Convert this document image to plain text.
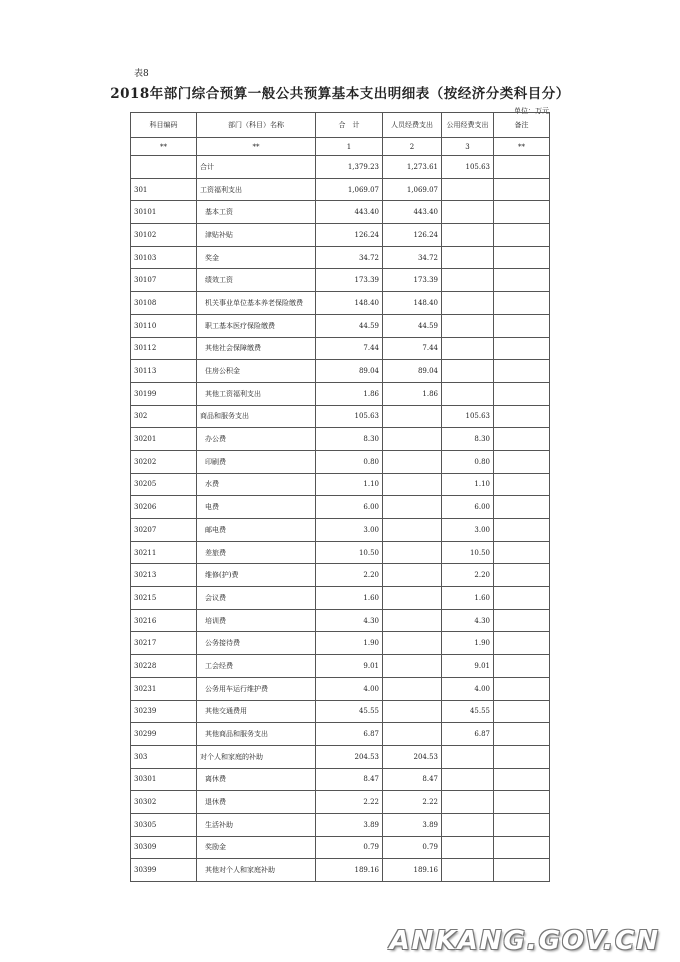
表8
2018年部门综合预算一般公共预算基本支出明细表（按经济分类科目分）
单位：万元
科目编码	部门（科目）名称	合　计	人员经费支出	公用经费支出	备注
**	**	1	2	3	**
	合计	1,379.23	1,273.61	105.63	
301	工资福利支出	1,069.07	1,069.07		
30101	基本工资	443.40	443.40		
30102	津贴补贴	126.24	126.24		
30103	奖金	34.72	34.72		
30107	绩效工资	173.39	173.39		
30108	机关事业单位基本养老保险缴费	148.40	148.40		
30110	职工基本医疗保险缴费	44.59	44.59		
30112	其他社会保障缴费	7.44	7.44		
30113	住房公积金	89.04	89.04		
30199	其他工资福利支出	1.86	1.86		
302	商品和服务支出	105.63		105.63	
30201	办公费	8.30		8.30	
30202	印刷费	0.80		0.80	
30205	水费	1.10		1.10	
30206	电费	6.00		6.00	
30207	邮电费	3.00		3.00	
30211	差旅费	10.50		10.50	
30213	维修(护)费	2.20		2.20	
30215	会议费	1.60		1.60	
30216	培训费	4.30		4.30	
30217	公务接待费	1.90		1.90	
30228	工会经费	9.01		9.01	
30231	公务用车运行维护费	4.00		4.00	
30239	其他交通费用	45.55		45.55	
30299	其他商品和服务支出	6.87		6.87	
303	对个人和家庭的补助	204.53	204.53		
30301	离休费	8.47	8.47		
30302	退休费	2.22	2.22		
30305	生活补助	3.89	3.89		
30309	奖励金	0.79	0.79		
30399	其他对个人和家庭补助	189.16	189.16		
ANKANG.GOV.CN
